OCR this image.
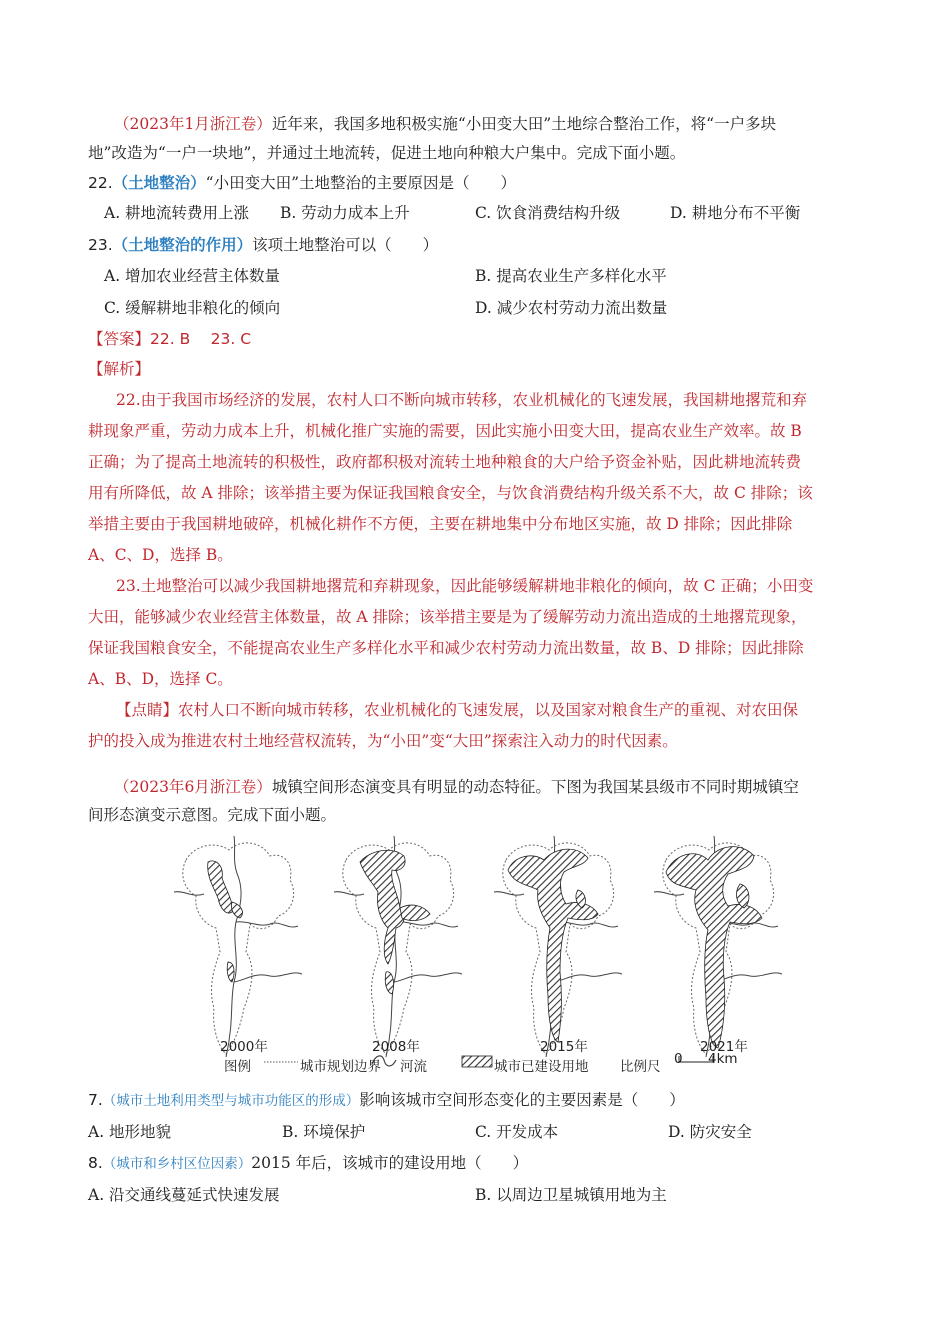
（2023年1月浙江卷）近年来，我国多地积极实施“小田变大田”土地综合整治工作，将“一户多块
地”改造为“一户一块地”，并通过土地流转，促进土地向种粮大户集中。完成下面小题。
22.（土地整治）“小田变大田”土地整治的主要原因是（　　）
A. 耕地流转费用上涨 B. 劳动力成本上升	C. 饮食消费结构升级	D. 耕地分布不平衡
23.（土地整治的作用）该项土地整治可以（　　）
A. 增加农业经营主体数量	B. 提高农业生产多样化水平
C. 缓解耕地非粮化的倾向	D. 减少农村劳动力流出数量
【答案】22. B　 23. C
【解析】
22.由于我国市场经济的发展，农村人口不断向城市转移，农业机械化的飞速发展，我国耕地撂荒和弃
耕现象严重，劳动力成本上升，机械化推广实施的需要，因此实施小田变大田，提高农业生产效率。故 B
正确；为了提高土地流转的积极性，政府都积极对流转土地种粮食的大户给予资金补贴，因此耕地流转费
用有所降低，故 A 排除；该举措主要为保证我国粮食安全，与饮食消费结构升级关系不大，故 C 排除；该
举措主要由于我国耕地破碎，机械化耕作不方便，主要在耕地集中分布地区实施，故 D 排除；因此排除
A、C、D，选择 B。
23.土地整治可以减少我国耕地撂荒和弃耕现象，因此能够缓解耕地非粮化的倾向，故 C 正确；小田变
大田，能够减少农业经营主体数量，故 A 排除；该举措主要是为了缓解劳动力流出造成的土地撂荒现象，
保证我国粮食安全，不能提高农业生产多样化水平和减少农村劳动力流出数量，故 B、D 排除；因此排除
A、B、D，选择 C。
【点睛】农村人口不断向城市转移，农业机械化的飞速发展，以及国家对粮食生产的重视、对农田保
护的投入成为推进农村土地经营权流转，为“小田”变“大田”探索注入动力的时代因素。
（2023年6月浙江卷）城镇空间形态演变具有明显的动态特征。下图为我国某县级市不同时期城镇空
间形态演变示意图。完成下面小题。
2000年	2008年	2015年	2021年
图例	城市规划边界 河流	城市已建设用地 比例尺 0 4km
7.（城市土地利用类型与城市功能区的形成）影响该城市空间形态变化的主要因素是（　　）
A. 地形地貌	B. 环境保护	C. 开发成本	D. 防灾安全
8.（城市和乡村区位因素）2015 年后，该城市的建设用地（　　）
A. 沿交通线蔓延式快速发展	B. 以周边卫星城镇用地为主
